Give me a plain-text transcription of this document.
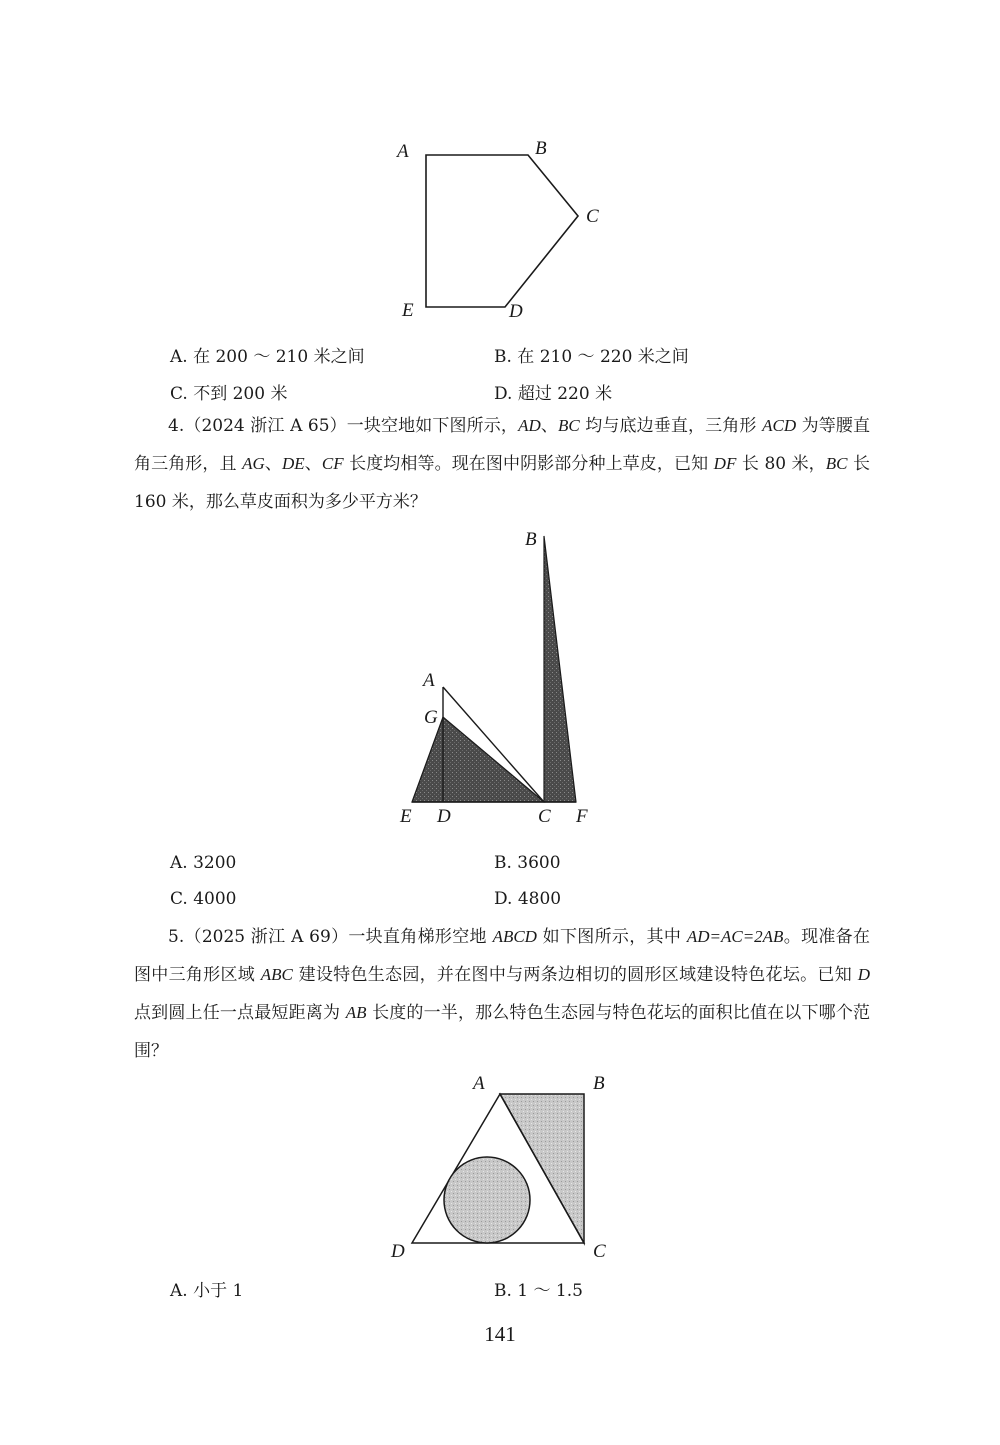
A	B
C
E	D
A. 在 200 ～ 210 米之间	B. 在 210 ～ 220 米之间
C. 不到 200 米	D. 超过 220 米
4.（2024 浙江 A 65）一块空地如下图所示，AD、BC 均与底边垂直，三角形 ACD 为等腰直角三角形，且 AG、DE、CF 长度均相等。现在图中阴影部分种上草皮，已知 DF 长 80 米，BC 长 160 米，那么草皮面积为多少平方米？
B
A
G
E D	C F
A. 3200	B. 3600
C. 4000	D. 4800
5.（2025 浙江 A 69）一块直角梯形空地 ABCD 如下图所示，其中 AD=AC=2AB。现准备在图中三角形区域 ABC 建设特色生态园，并在图中与两条边相切的圆形区域建设特色花坛。已知 D 点到圆上任一点最短距离为 AB 长度的一半，那么特色生态园与特色花坛的面积比值在以下哪个范围？
A	B
D	C
A. 小于 1	B. 1 ～ 1.5
141
